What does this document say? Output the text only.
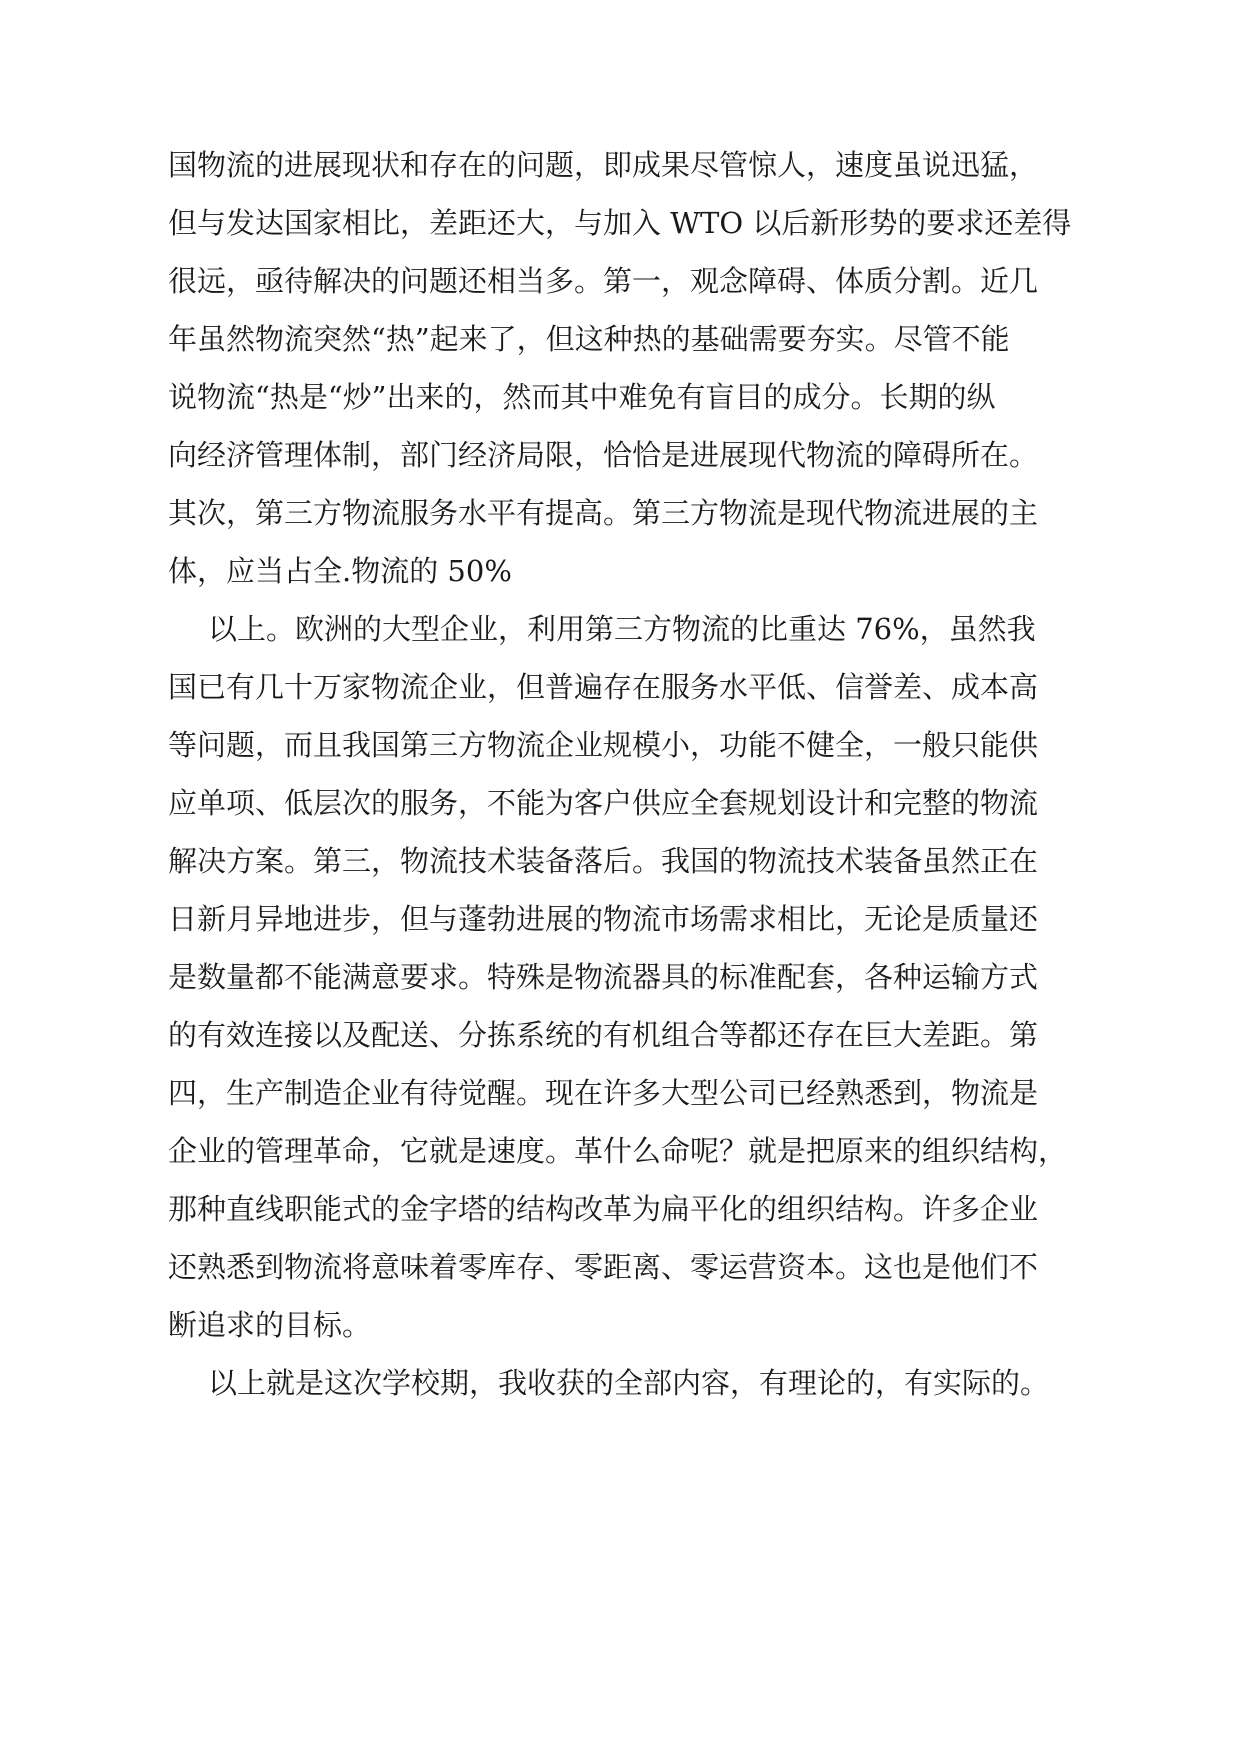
国物流的进展现状和存在的问题，即成果尽管惊人，速度虽说迅猛，
但与发达国家相比，差距还大，与加入 WTO 以后新形势的要求还差得
很远，亟待解决的问题还相当多。第一，观念障碍、体质分割。近几
年虽然物流突然“热”起来了，但这种热的基础需要夯实。尽管不能
说物流“热是“炒”出来的，然而其中难免有盲目的成分。长期的纵
向经济管理体制，部门经济局限，恰恰是进展现代物流的障碍所在。
其次，第三方物流服务水平有提高。第三方物流是现代物流进展的主
体，应当占全.物流的 50%
以上。欧洲的大型企业，利用第三方物流的比重达 76%，虽然我
国已有几十万家物流企业，但普遍存在服务水平低、信誉差、成本高
等问题，而且我国第三方物流企业规模小，功能不健全，一般只能供
应单项、低层次的服务，不能为客户供应全套规划设计和完整的物流
解决方案。第三，物流技术装备落后。我国的物流技术装备虽然正在
日新月异地进步，但与蓬勃进展的物流市场需求相比，无论是质量还
是数量都不能满意要求。特殊是物流器具的标准配套，各种运输方式
的有效连接以及配送、分拣系统的有机组合等都还存在巨大差距。第
四，生产制造企业有待觉醒。现在许多大型公司已经熟悉到，物流是
企业的管理革命，它就是速度。革什么命呢？就是把原来的组织结构，
那种直线职能式的金字塔的结构改革为扁平化的组织结构。许多企业
还熟悉到物流将意味着零库存、零距离、零运营资本。这也是他们不
断追求的目标。
以上就是这次学校期，我收获的全部内容，有理论的，有实际的。
